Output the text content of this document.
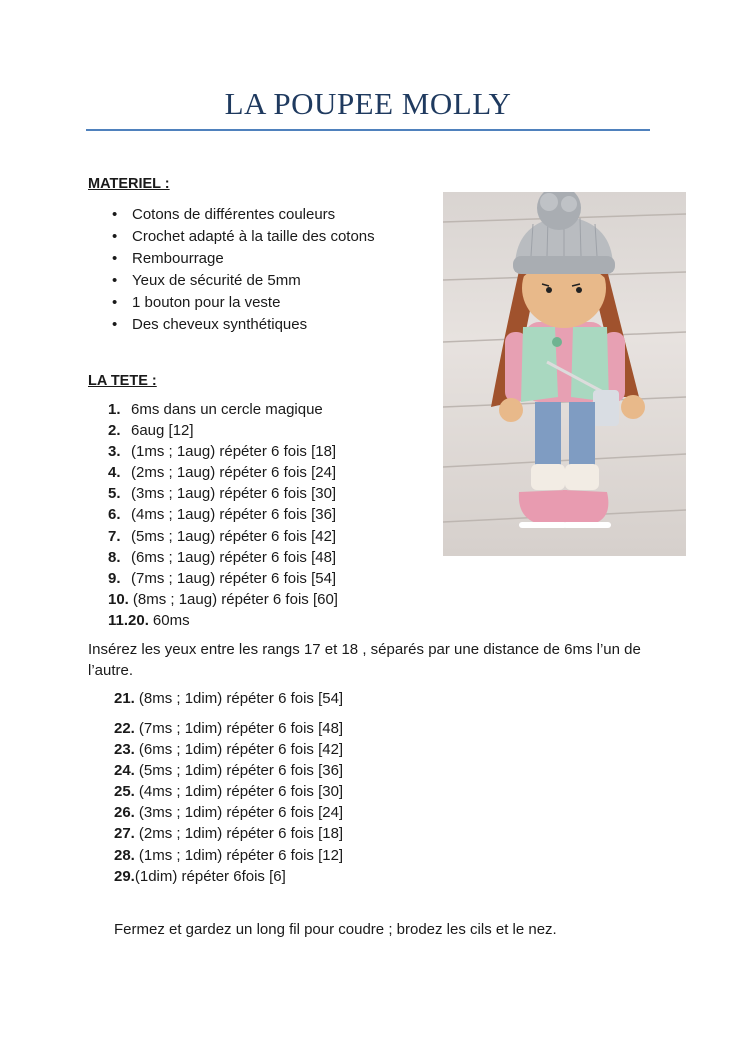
LA POUPEE MOLLY
MATERIEL :
• Cotons de différentes couleurs
• Crochet adapté à la taille des cotons
• Rembourrage
• Yeux de sécurité de 5mm
• 1 bouton pour la veste
• Des cheveux synthétiques
LA TETE :
1. 6ms dans un cercle magique
2. 6aug [12]
3. (1ms ; 1aug) répéter 6 fois [18]
4. (2ms ; 1aug) répéter 6 fois [24]
5. (3ms ; 1aug) répéter 6 fois [30]
6. (4ms ; 1aug) répéter 6 fois [36]
7. (5ms ; 1aug) répéter 6 fois [42]
8. (6ms ; 1aug) répéter 6 fois [48]
9. (7ms ; 1aug) répéter 6 fois [54]
10. (8ms ; 1aug) répéter 6 fois [60]
11.20. 60ms
Insérez les yeux entre les rangs 17 et 18 , séparés par une distance de 6ms l’un de l’autre.
21. (8ms ; 1dim) répéter 6 fois [54]
22. (7ms ; 1dim) répéter 6 fois [48]
23. (6ms ; 1dim) répéter 6 fois [42]
24. (5ms ; 1dim) répéter 6 fois [36]
25. (4ms ; 1dim) répéter 6 fois [30]
26. (3ms ; 1dim) répéter 6 fois [24]
27. (2ms ; 1dim) répéter 6 fois [18]
28. (1ms ; 1dim) répéter 6 fois [12]
29.(1dim) répéter 6fois [6]
Fermez et gardez un long fil pour coudre ; brodez les cils et le nez.
